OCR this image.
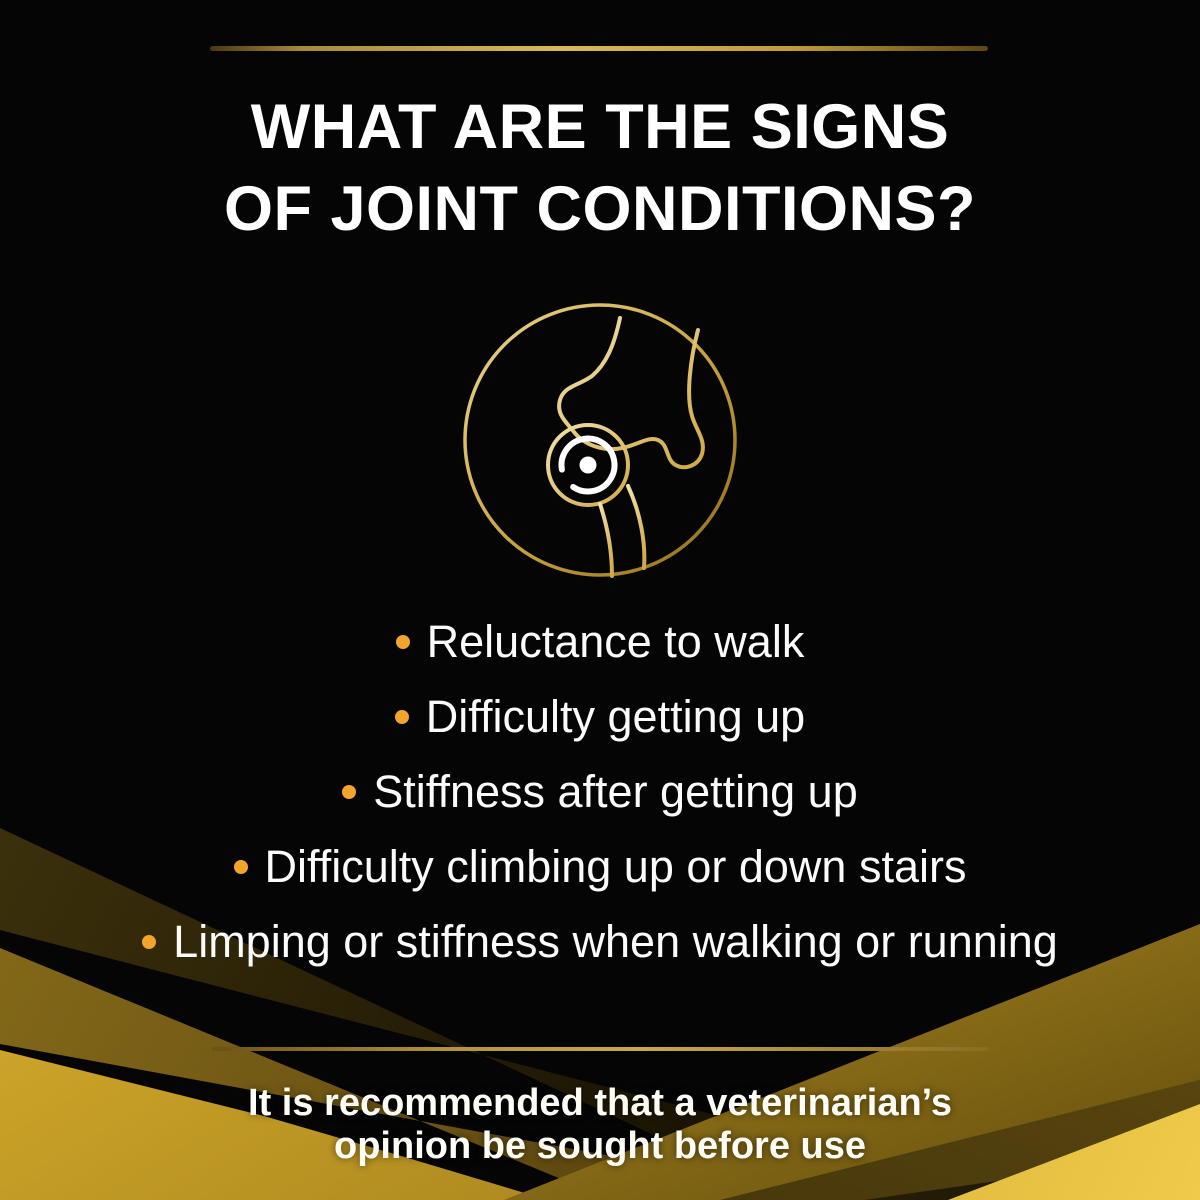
WHAT ARE THE SIGNS
OF JOINT CONDITIONS?
Reluctance to walk
Difficulty getting up
Stiffness after getting up
Difficulty climbing up or down stairs
Limping or stiffness when walking or running
It is recommended that a veterinarian’s
opinion be sought before use
